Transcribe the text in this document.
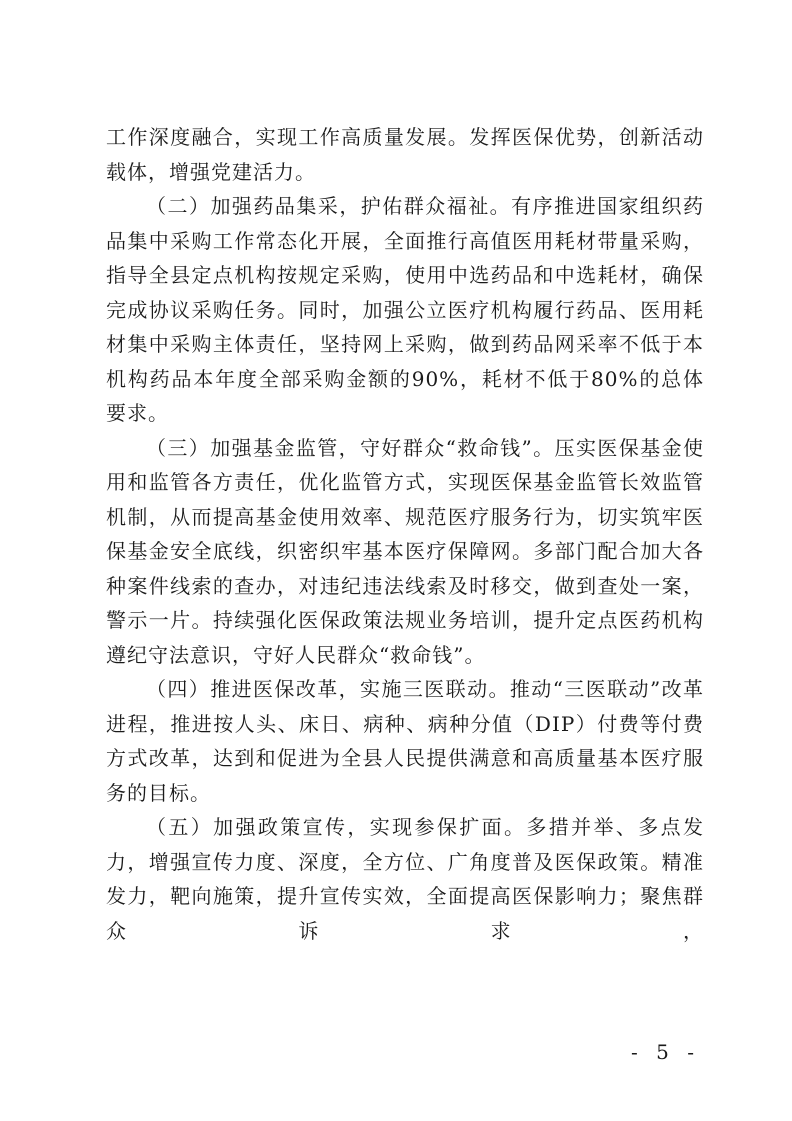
工作深度融合，实现工作高质量发展。发挥医保优势，创新活动载体，增强党建活力。

（二）加强药品集采，护佑群众福祉。有序推进国家组织药品集中采购工作常态化开展，全面推行高值医用耗材带量采购，指导全县定点机构按规定采购，使用中选药品和中选耗材，确保完成协议采购任务。同时，加强公立医疗机构履行药品、医用耗材集中采购主体责任，坚持网上采购，做到药品网采率不低于本机构药品本年度全部采购金额的90%，耗材不低于80%的总体要求。

（三）加强基金监管，守好群众“救命钱”。压实医保基金使用和监管各方责任，优化监管方式，实现医保基金监管长效监管机制，从而提高基金使用效率、规范医疗服务行为，切实筑牢医保基金安全底线，织密织牢基本医疗保障网。多部门配合加大各种案件线索的查办，对违纪违法线索及时移交，做到查处一案，警示一片。持续强化医保政策法规业务培训，提升定点医药机构遵纪守法意识，守好人民群众“救命钱”。

（四）推进医保改革，实施三医联动。推动“三医联动”改革进程，推进按人头、床日、病种、病种分值（DIP）付费等付费方式改革，达到和促进为全县人民提供满意和高质量基本医疗服务的目标。

（五）加强政策宣传，实现参保扩面。多措并举、多点发力，增强宣传力度、深度，全方位、广角度普及医保政策。精准发力，靶向施策，提升宣传实效，全面提高医保影响力；聚焦群众诉求，

- 5 -
